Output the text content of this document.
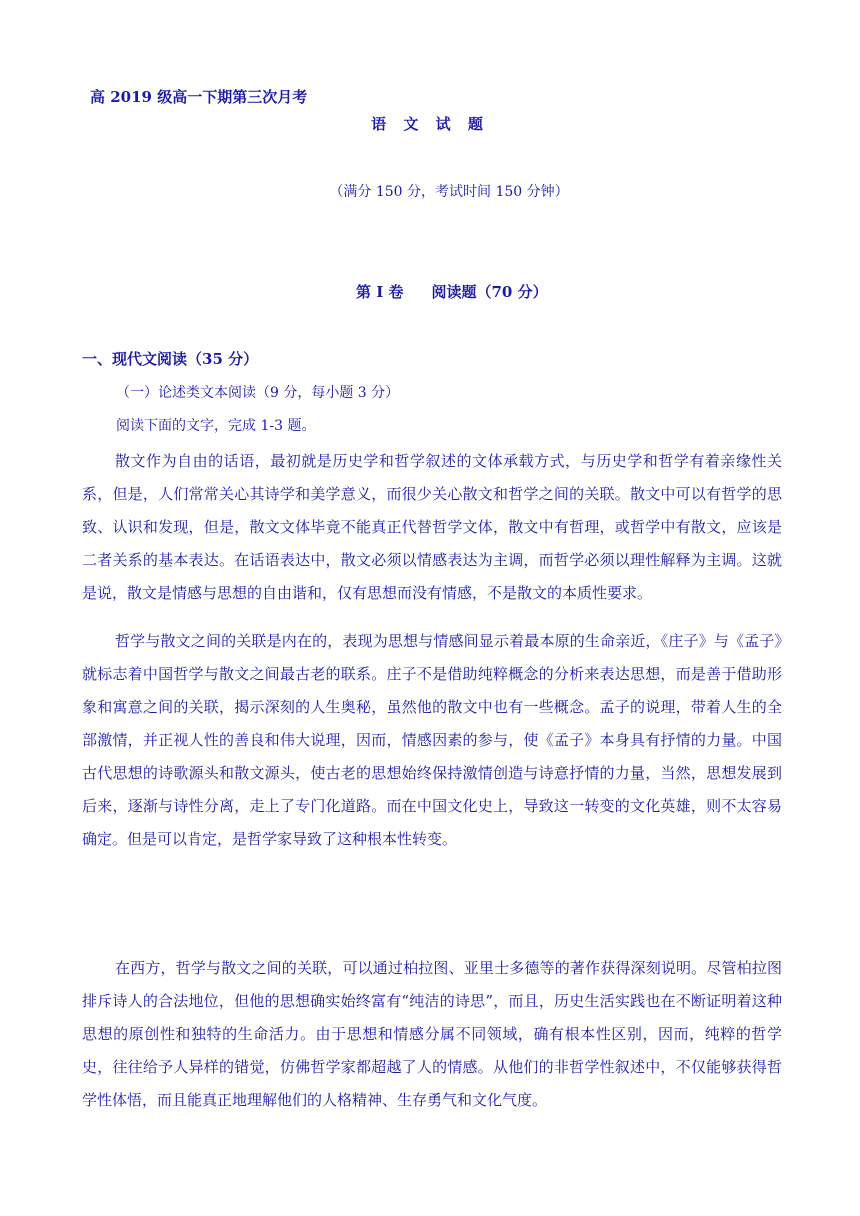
高 2019 级高一下期第三次月考
语 文 试 题
（满分 150 分，考试时间 150 分钟）
第 I 卷 阅读题（70 分）
一、现代文阅读（35 分）
（一）论述类文本阅读（9 分，每小题 3 分）
阅读下面的文字，完成 1-3 题。

散文作为自由的话语，最初就是历史学和哲学叙述的文体承载方式，与历史学和哲学有着亲缘性关系，但是，人们常常关心其诗学和美学意义，而很少关心散文和哲学之间的关联。散文中可以有哲学的思致、认识和发现，但是，散文文体毕竟不能真正代替哲学文体，散文中有哲理，或哲学中有散文，应该是二者关系的基本表达。在话语表达中，散文必须以情感表达为主调，而哲学必须以理性解释为主调。这就是说，散文是情感与思想的自由谐和，仅有思想而没有情感，不是散文的本质性要求。

哲学与散文之间的关联是内在的，表现为思想与情感间显示着最本原的生命亲近，《庄子》与《孟子》就标志着中国哲学与散文之间最古老的联系。庄子不是借助纯粹概念的分析来表达思想，而是善于借助形象和寓意之间的关联，揭示深刻的人生奥秘，虽然他的散文中也有一些概念。孟子的说理，带着人生的全部激情，并正视人性的善良和伟大说理，因而，情感因素的参与，使《孟子》本身具有抒情的力量。中国古代思想的诗歌源头和散文源头，使古老的思想始终保持激情创造与诗意抒情的力量，当然，思想发展到后来，逐渐与诗性分离，走上了专门化道路。而在中国文化史上，导致这一转变的文化英雄，则不太容易确定。但是可以肯定，是哲学家导致了这种根本性转变。

在西方，哲学与散文之间的关联，可以通过柏拉图、亚里士多德等的著作获得深刻说明。尽管柏拉图排斥诗人的合法地位，但他的思想确实始终富有“纯洁的诗思”，而且，历史生活实践也在不断证明着这种思想的原创性和独特的生命活力。由于思想和情感分属不同领域，确有根本性区别，因而，纯粹的哲学史，往往给予人异样的错觉，仿佛哲学家都超越了人的情感。从他们的非哲学性叙述中，不仅能够获得哲学性体悟，而且能真正地理解他们的人格精神、生存勇气和文化气度。
